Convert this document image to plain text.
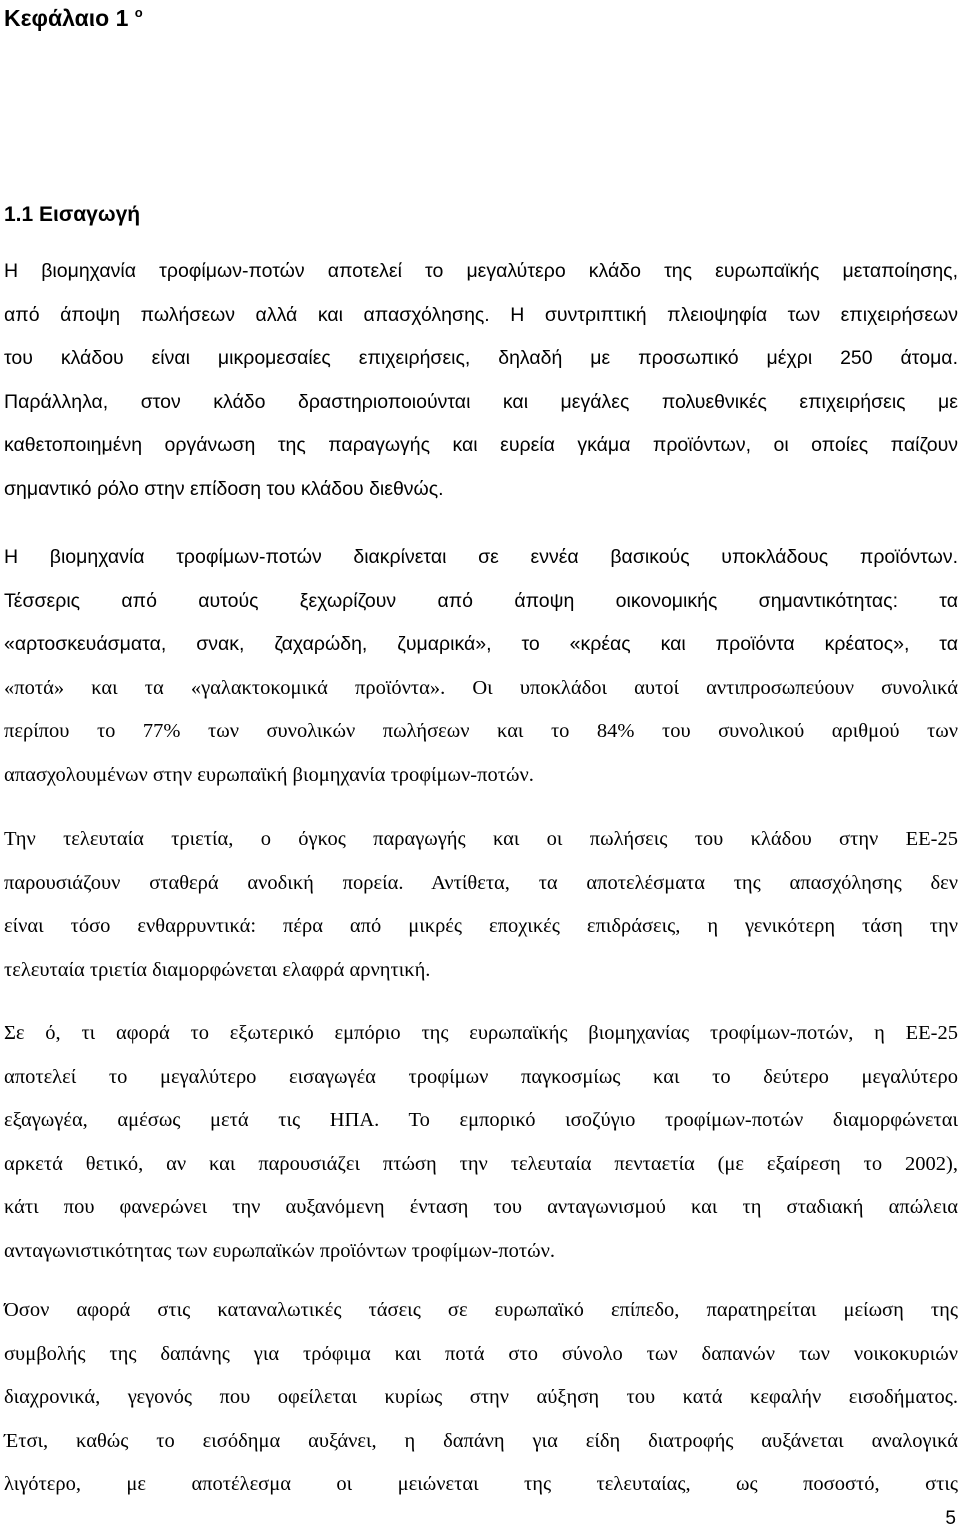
Κεφάλαιο 1 $^o$
1.1 Εισαγωγή
Η βιομηχανία τροφίμων-ποτών αποτελεί το μεγαλύτερο κλάδο της ευρωπαϊκής μεταποίησης,
από άποψη πωλήσεων αλλά και απασχόλησης. Η συντριπτική πλειοψηφία των επιχειρήσεων
του κλάδου είναι μικρομεσαίες επιχειρήσεις, δηλαδή με προσωπικό μέχρι 250 άτομα.
Παράλληλα, στον κλάδο δραστηριοποιούνται και μεγάλες πολυεθνικές επιχειρήσεις με
καθετοποιημένη οργάνωση της παραγωγής και ευρεία γκάμα προϊόντων, οι οποίες παίζουν
σημαντικό ρόλο στην επίδοση του κλάδου διεθνώς.
Η βιομηχανία τροφίμων-ποτών διακρίνεται σε εννέα βασικούς υποκλάδους προϊόντων.
Τέσσερις από αυτούς ξεχωρίζουν από άποψη οικονομικής σημαντικότητας: τα
«αρτοσκευάσματα, σνακ, ζαχαρώδη, ζυμαρικά», το «κρέας και προϊόντα κρέατος», τα
«ποτά» και τα «γαλακτοκομικά προϊόντα». Οι υποκλάδοι αυτοί αντιπροσωπεύουν συνολικά
περίπου το 77% των συνολικών πωλήσεων και το 84% του συνολικού αριθμού των
απασχολουμένων στην ευρωπαϊκή βιομηχανία τροφίμων-ποτών.
Την τελευταία τριετία, ο όγκος παραγωγής και οι πωλήσεις του κλάδου στην ΕΕ-25
παρουσιάζουν σταθερά ανοδική πορεία. Αντίθετα, τα αποτελέσματα της απασχόλησης δεν
είναι τόσο ενθαρρυντικά: πέρα από μικρές εποχικές επιδράσεις, η γενικότερη τάση την
τελευταία τριετία διαμορφώνεται ελαφρά αρνητική.
Σε ό, τι αφορά το εξωτερικό εμπόριο της ευρωπαϊκής βιομηχανίας τροφίμων-ποτών, η ΕΕ-25
αποτελεί το μεγαλύτερο εισαγωγέα τροφίμων παγκοσμίως και το δεύτερο μεγαλύτερο
εξαγωγέα, αμέσως μετά τις ΗΠΑ. Το εμπορικό ισοζύγιο τροφίμων-ποτών διαμορφώνεται
αρκετά θετικό, αν και παρουσιάζει πτώση την τελευταία πενταετία (με εξαίρεση το 2002),
κάτι που φανερώνει την αυξανόμενη ένταση του ανταγωνισμού και τη σταδιακή απώλεια
ανταγωνιστικότητας των ευρωπαϊκών προϊόντων τροφίμων-ποτών.
Όσον αφορά στις καταναλωτικές τάσεις σε ευρωπαϊκό επίπεδο, παρατηρείται μείωση της
συμβολής της δαπάνης για τρόφιμα και ποτά στο σύνολο των δαπανών των νοικοκυριών
διαχρονικά, γεγονός που οφείλεται κυρίως στην αύξηση του κατά κεφαλήν εισοδήματος.
Έτσι, καθώς το εισόδημα αυξάνει, η δαπάνη για είδη διατροφής αυξάνεται αναλογικά
λιγότερο, με αποτέλεσμα οι μειώνεται της τελευταίας, ως ποσοστό, στις
5
